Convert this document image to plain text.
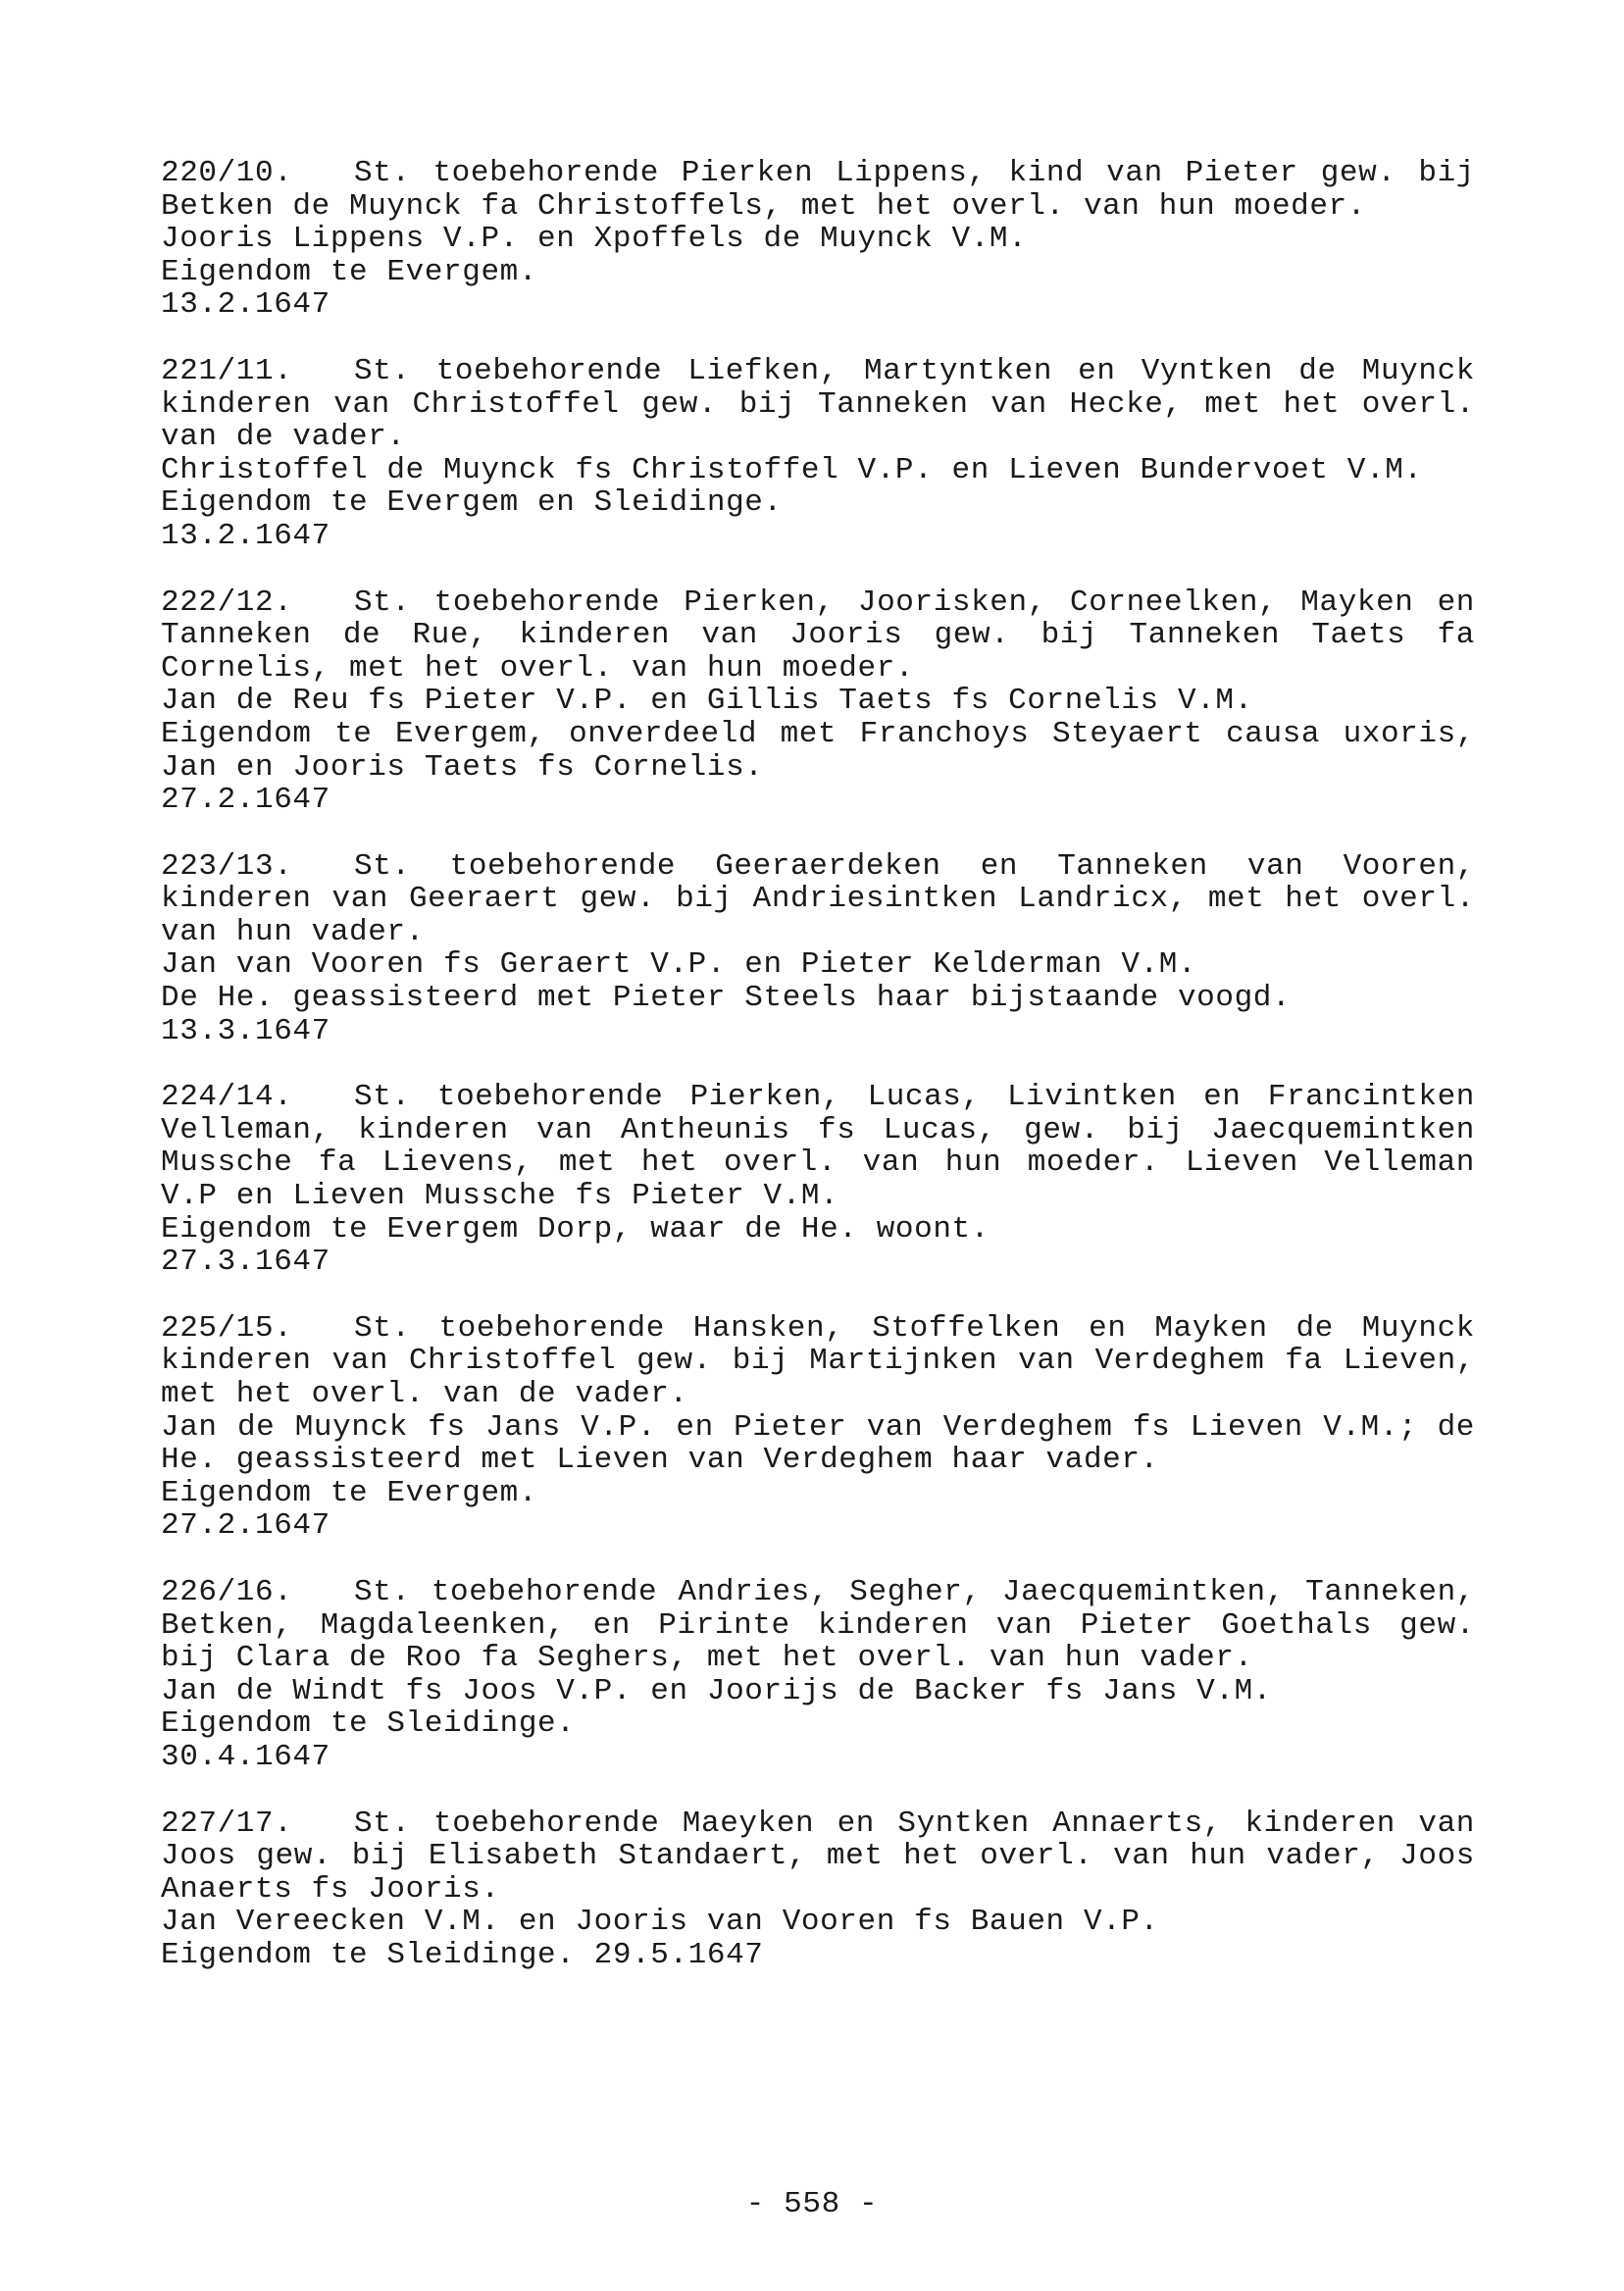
220/10. St. toebehorende Pierken Lippens, kind van Pieter gew. bij Betken de Muynck fa Christoffels, met het overl. van hun moeder.

Jooris Lippens V.P. en Xpoffels de Muynck V.M.

Eigendom te Evergem.

13.2.1647

221/11. St. toebehorende Liefken, Martyntken en Vyntken de Muynck kinderen van Christoffel gew. bij Tanneken van Hecke, met het overl. van de vader.

Christoffel de Muynck fs Christoffel V.P. en Lieven Bundervoet V.M.

Eigendom te Evergem en Sleidinge.

13.2.1647

222/12. St. toebehorende Pierken, Joorisken, Corneelken, Mayken en Tanneken de Rue, kinderen van Jooris gew. bij Tanneken Taets fa Cornelis, met het overl. van hun moeder.

Jan de Reu fs Pieter V.P. en Gillis Taets fs Cornelis V.M.

Eigendom te Evergem, onverdeeld met Franchoys Steyaert causa uxoris, Jan en Jooris Taets fs Cornelis.

27.2.1647

223/13. St. toebehorende Geeraerdeken en Tanneken van Vooren, kinderen van Geeraert gew. bij Andriesintken Landricx, met het overl. van hun vader.

Jan van Vooren fs Geraert V.P. en Pieter Kelderman V.M.

De He. geassisteerd met Pieter Steels haar bijstaande voogd.

13.3.1647

224/14. St. toebehorende Pierken, Lucas, Livintken en Francintken Velleman, kinderen van Antheunis fs Lucas, gew. bij Jaecquemintken Mussche fa Lievens, met het overl. van hun moeder. Lieven Velleman V.P en Lieven Mussche fs Pieter V.M.

Eigendom te Evergem Dorp, waar de He. woont.

27.3.1647

225/15. St. toebehorende Hansken, Stoffelken en Mayken de Muynck kinderen van Christoffel gew. bij Martijnken van Verdeghem fa Lieven, met het overl. van de vader.

Jan de Muynck fs Jans V.P. en Pieter van Verdeghem fs Lieven V.M.; de He. geassisteerd met Lieven van Verdeghem haar vader.

Eigendom te Evergem.

27.2.1647

226/16. St. toebehorende Andries, Segher, Jaecquemintken, Tanneken, Betken, Magdaleenken, en Pirinte kinderen van Pieter Goethals gew. bij Clara de Roo fa Seghers, met het overl. van hun vader.

Jan de Windt fs Joos V.P. en Joorijs de Backer fs Jans V.M.

Eigendom te Sleidinge.

30.4.1647

227/17. St. toebehorende Maeyken en Syntken Annaerts, kinderen van Joos gew. bij Elisabeth Standaert, met het overl. van hun vader, Joos Anaerts fs Jooris.

Jan Vereecken V.M. en Jooris van Vooren fs Bauen V.P.

Eigendom te Sleidinge. 29.5.1647

- 558 -
